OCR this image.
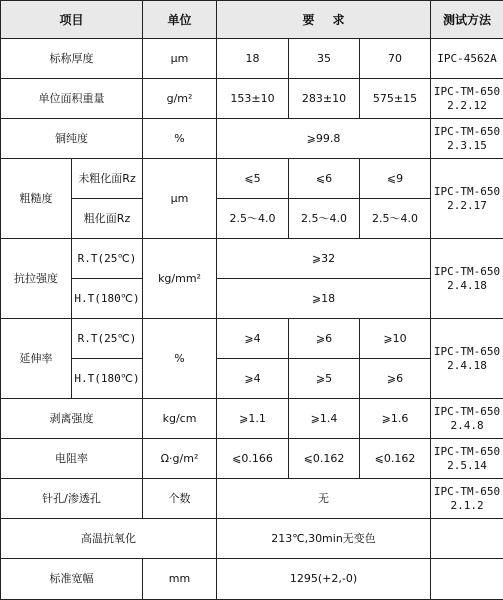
项目		单位	要 求			测试方法
标称厚度		μm	18	35	70	IPC-4562A
单位面积重量		g/m²	153±10	283±10	575±15	IPC-TM-650
2.2.12

铜纯度		%	⩾99.8			IPC-TM-650
2.3.15

粗糙度	未粗化面Rz	μm	⩽5	⩽6	⩽9	IPC-TM-650
2.2.17

	粗化面Rz		2.5～4.0	2.5～4.0	2.5～4.0	
抗拉强度	R.T(25℃)	kg/mm²	⩾32			IPC-TM-650
2.4.18

	H.T(180℃)		⩾18			
延伸率	R.T(25℃)	%	⩾4	⩾6	⩾10	IPC-TM-650
2.4.18

	H.T(180℃)		⩾4	⩾5	⩾6	
剥离强度		kg/cm	⩾1.1	⩾1.4	⩾1.6	IPC-TM-650
2.4.8

电阻率		Ω·g/m²	⩽0.166	⩽0.162	⩽0.162	IPC-TM-650
2.5.14

针孔/渗透孔		个数	无			IPC-TM-650
2.1.2

高温抗氧化			213℃,30min无变色			
标准宽幅		mm	1295(+2,-0)			
